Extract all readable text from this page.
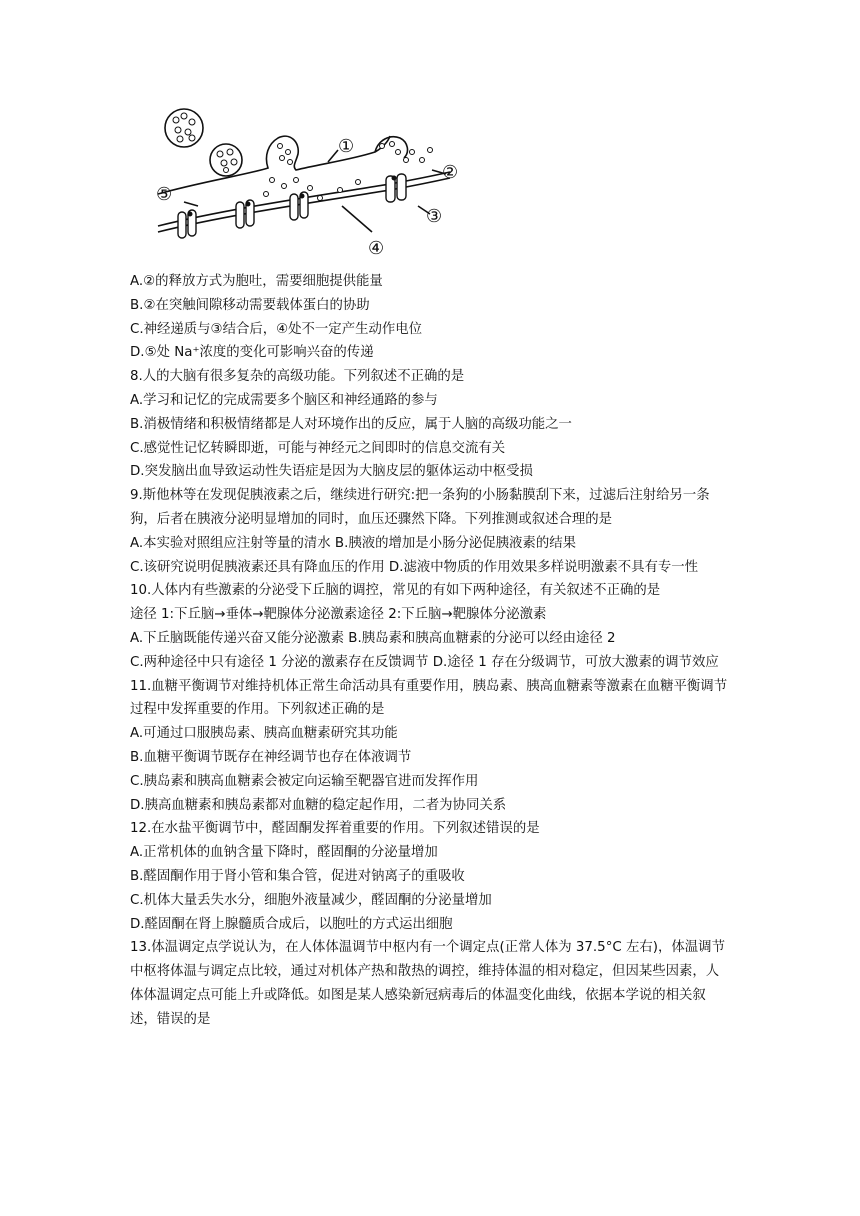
①
②
③
④
⑤
A.②的释放方式为胞吐，需要细胞提供能量
B.②在突触间隙移动需要载体蛋白的协助
C.神经递质与③结合后，④处不一定产生动作电位
D.⑤处 Na⁺浓度的变化可影响兴奋的传递
8.人的大脑有很多复杂的高级功能。下列叙述不正确的是
A.学习和记忆的完成需要多个脑区和神经通路的参与
B.消极情绪和积极情绪都是人对环境作出的反应，属于人脑的高级功能之一
C.感觉性记忆转瞬即逝，可能与神经元之间即时的信息交流有关
D.突发脑出血导致运动性失语症是因为大脑皮层的躯体运动中枢受损
9.斯他林等在发现促胰液素之后，继续进行研究:把一条狗的小肠黏膜刮下来，过滤后注射给另一条狗，后者在胰液分泌明显增加的同时，血压还骤然下降。下列推测或叙述合理的是
A.本实验对照组应注射等量的清水 B.胰液的增加是小肠分泌促胰液素的结果
C.该研究说明促胰液素还具有降血压的作用 D.滤液中物质的作用效果多样说明激素不具有专一性
10.人体内有些激素的分泌受下丘脑的调控，常见的有如下两种途径，有关叙述不正确的是
途径 1:下丘脑→垂体→靶腺体分泌激素途径 2:下丘脑→靶腺体分泌激素
A.下丘脑既能传递兴奋又能分泌激素 B.胰岛素和胰高血糖素的分泌可以经由途径 2
C.两种途径中只有途径 1 分泌的激素存在反馈调节 D.途径 1 存在分级调节，可放大激素的调节效应
11.血糖平衡调节对维持机体正常生命活动具有重要作用，胰岛素、胰高血糖素等激素在血糖平衡调节过程中发挥重要的作用。下列叙述正确的是
A.可通过口服胰岛素、胰高血糖素研究其功能
B.血糖平衡调节既存在神经调节也存在体液调节
C.胰岛素和胰高血糖素会被定向运输至靶器官进而发挥作用
D.胰高血糖素和胰岛素都对血糖的稳定起作用，二者为协同关系
12.在水盐平衡调节中，醛固酮发挥着重要的作用。下列叙述错误的是
A.正常机体的血钠含量下降时，醛固酮的分泌量增加
B.醛固酮作用于肾小管和集合管，促进对钠离子的重吸收
C.机体大量丢失水分，细胞外液量减少，醛固酮的分泌量增加
D.醛固酮在肾上腺髓质合成后，以胞吐的方式运出细胞
13.体温调定点学说认为，在人体体温调节中枢内有一个调定点(正常人体为 37.5°C 左右)，体温调节中枢将体温与调定点比较，通过对机体产热和散热的调控，维持体温的相对稳定，但因某些因素，人体体温调定点可能上升或降低。如图是某人感染新冠病毒后的体温变化曲线，依据本学说的相关叙述，错误的是
